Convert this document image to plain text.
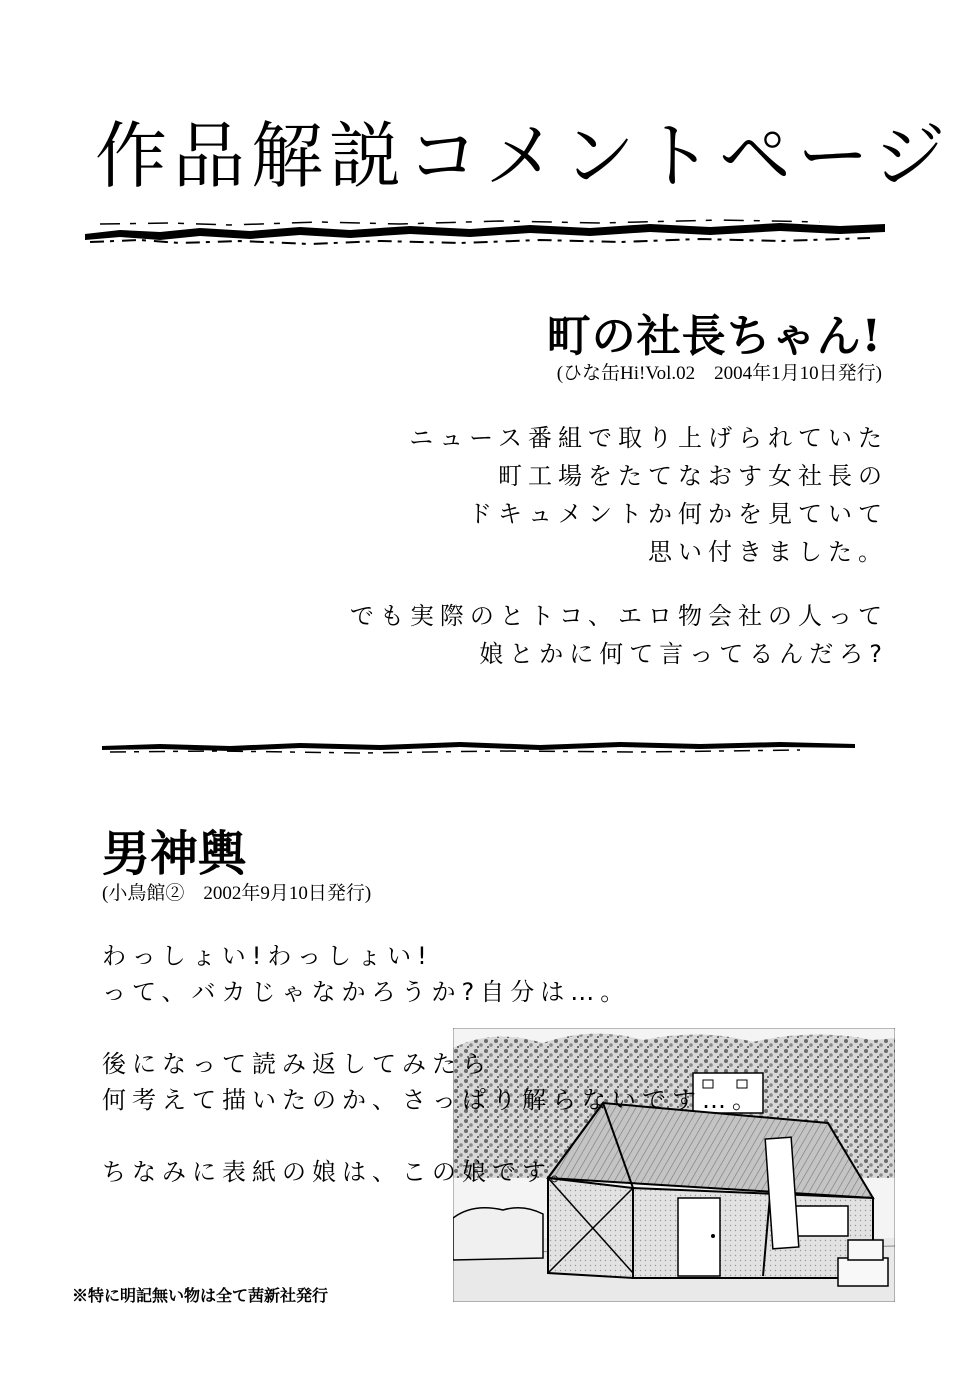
作品解説コメントページ
町の社長ちゃん!
(ひな缶Hi!Vol.02　2004年1月10日発行)
ニュース番組で取り上げられていた
町工場をたてなおす女社長の
ドキュメントか何かを見ていて
思い付きました。
でも実際のとトコ、エロ物会社の人って
娘とかに何て言ってるんだろ?
男神輿
(小鳥館②　2002年9月10日発行)
わっしょい!わっしょい!
って、バカじゃなかろうか?自分は…。
後になって読み返してみたら
何考えて描いたのか、さっぱり解らないです…。
ちなみに表紙の娘は、この娘です。
※特に明記無い物は全て茜新社発行
